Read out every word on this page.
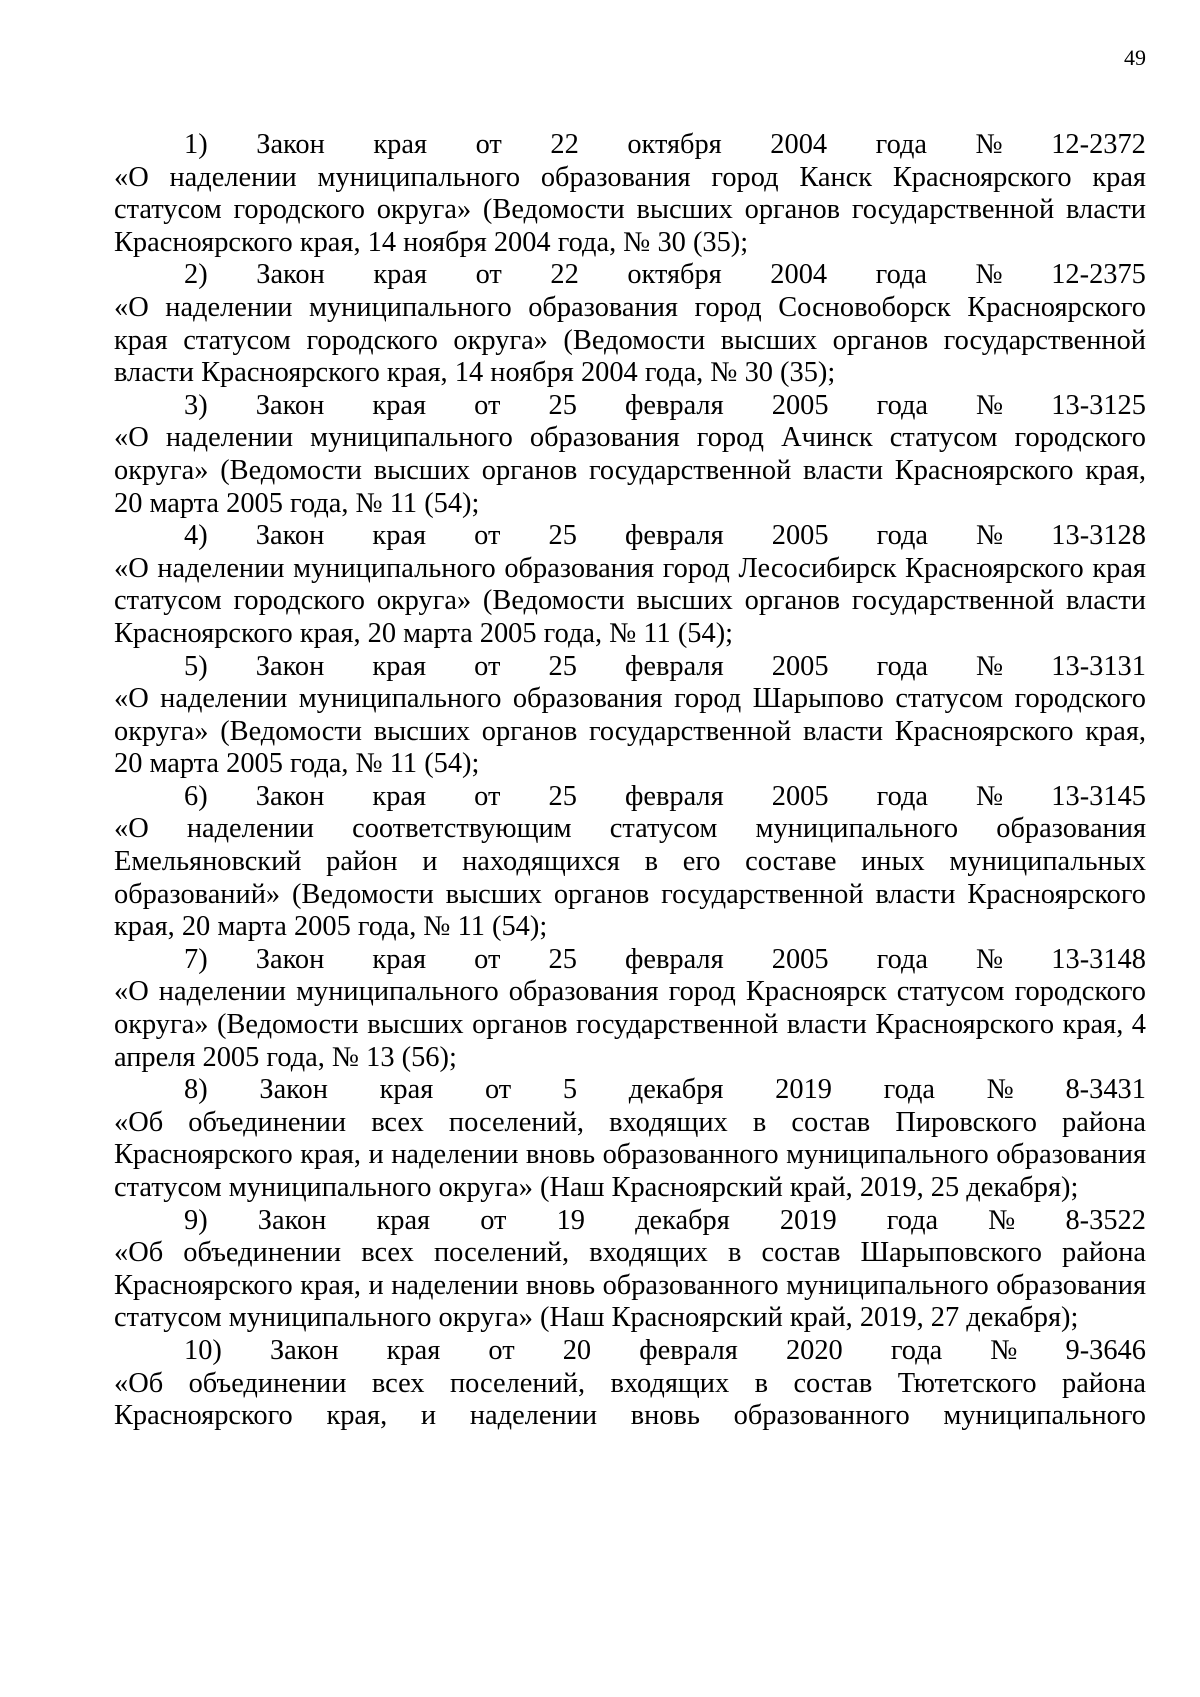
49
1) Закон края от 22 октября 2004 года № 12-2372
«О наделении муниципального образования город Канск Красноярского края статусом городского округа» (Ведомости высших органов государственной власти Красноярского края, 14 ноября 2004 года, № 30 (35);
2) Закон края от 22 октября 2004 года № 12-2375
«О наделении муниципального образования город Сосновоборск Красноярского края статусом городского округа» (Ведомости высших органов государственной власти Красноярского края, 14 ноября 2004 года, № 30 (35);
3) Закон края от 25 февраля 2005 года № 13-3125
«О наделении муниципального образования город Ачинск статусом городского округа» (Ведомости высших органов государственной власти Красноярского края, 20 марта 2005 года, № 11 (54);
4) Закон края от 25 февраля 2005 года № 13-3128
«О наделении муниципального образования город Лесосибирск Красноярского края статусом городского округа» (Ведомости высших органов государственной власти Красноярского края, 20 марта 2005 года, № 11 (54);
5) Закон края от 25 февраля 2005 года № 13-3131
«О наделении муниципального образования город Шарыпово статусом городского округа» (Ведомости высших органов государственной власти Красноярского края, 20 марта 2005 года, № 11 (54);
6) Закон края от 25 февраля 2005 года № 13-3145
«О наделении соответствующим статусом муниципального образования Емельяновский район и находящихся в его составе иных муниципальных образований» (Ведомости высших органов государственной власти Красноярского края, 20 марта 2005 года, № 11 (54);
7) Закон края от 25 февраля 2005 года № 13-3148
«О наделении муниципального образования город Красноярск статусом городского округа» (Ведомости высших органов государственной власти Красноярского края, 4 апреля 2005 года, № 13 (56);
8) Закон края от 5 декабря 2019 года № 8-3431
«Об объединении всех поселений, входящих в состав Пировского района Красноярского края, и наделении вновь образованного муниципального образования статусом муниципального округа» (Наш Красноярский край, 2019, 25 декабря);
9) Закон края от 19 декабря 2019 года № 8-3522
«Об объединении всех поселений, входящих в состав Шарыповского района Красноярского края, и наделении вновь образованного муниципального образования статусом муниципального округа» (Наш Красноярский край, 2019, 27 декабря);
10) Закон края от 20 февраля 2020 года № 9-3646
«Об объединении всех поселений, входящих в состав Тютетского района Красноярского края, и наделении вновь образованного муниципального
